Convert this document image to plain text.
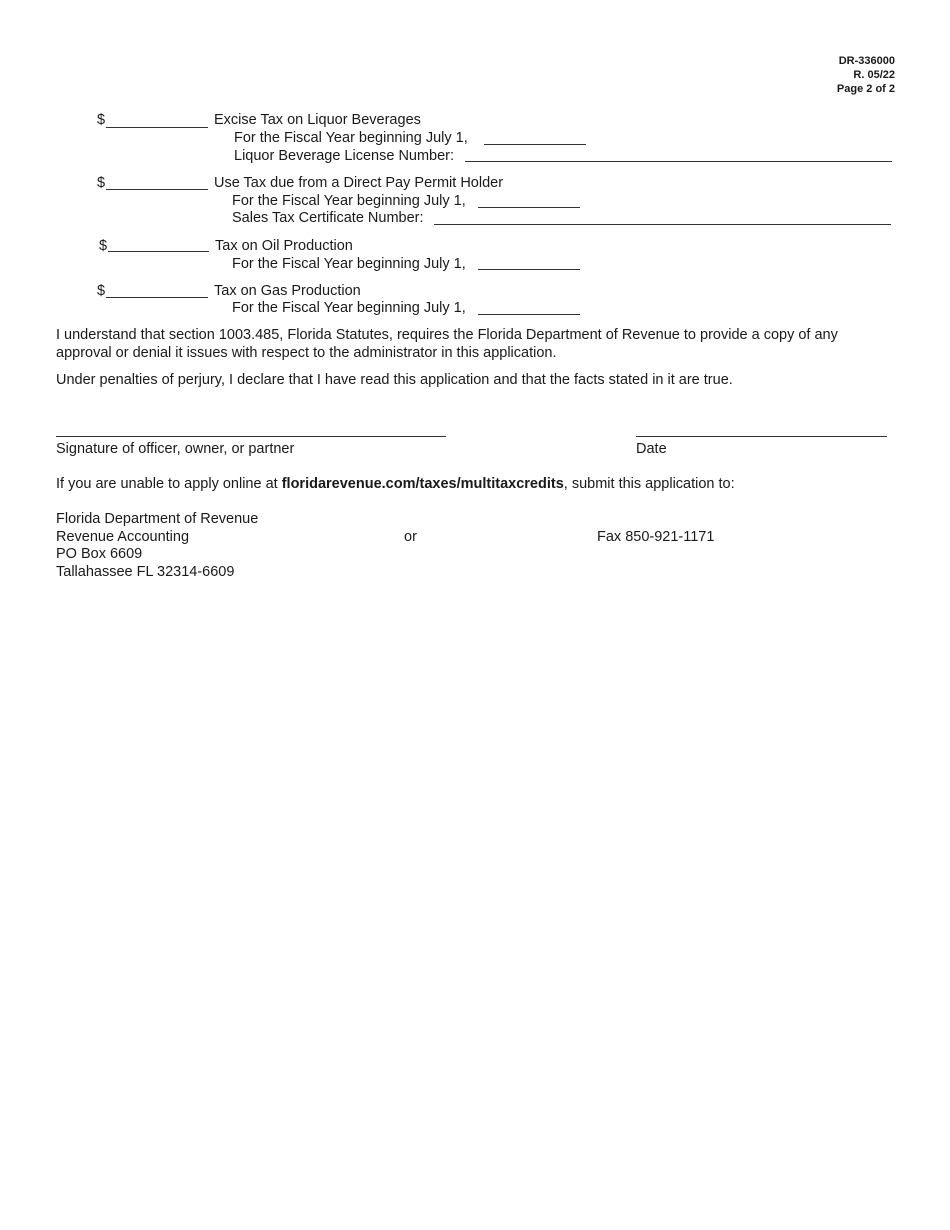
DR-336000
R. 05/22
Page 2 of 2
$	Excise Tax on Liquor Beverages
For the Fiscal Year beginning July 1,
Liquor Beverage License Number:
$	Use Tax due from a Direct Pay Permit Holder
For the Fiscal Year beginning July 1,
Sales Tax Certificate Number:
$	Tax on Oil Production
For the Fiscal Year beginning July 1,
$	Tax on Gas Production
For the Fiscal Year beginning July 1,
I understand that section 1003.485, Florida Statutes, requires the Florida Department of Revenue to provide a copy of any
approval or denial it issues with respect to the administrator in this application.
Under penalties of perjury, I declare that I have read this application and that the facts stated in it are true.
Signature of officer, owner, or partner	Date
If you are unable to apply online at floridarevenue.com/taxes/multitaxcredits, submit this application to:
Florida Department of Revenue
Revenue Accounting
PO Box 6609
Tallahassee FL 32314-6609
or	Fax 850-921-1171
